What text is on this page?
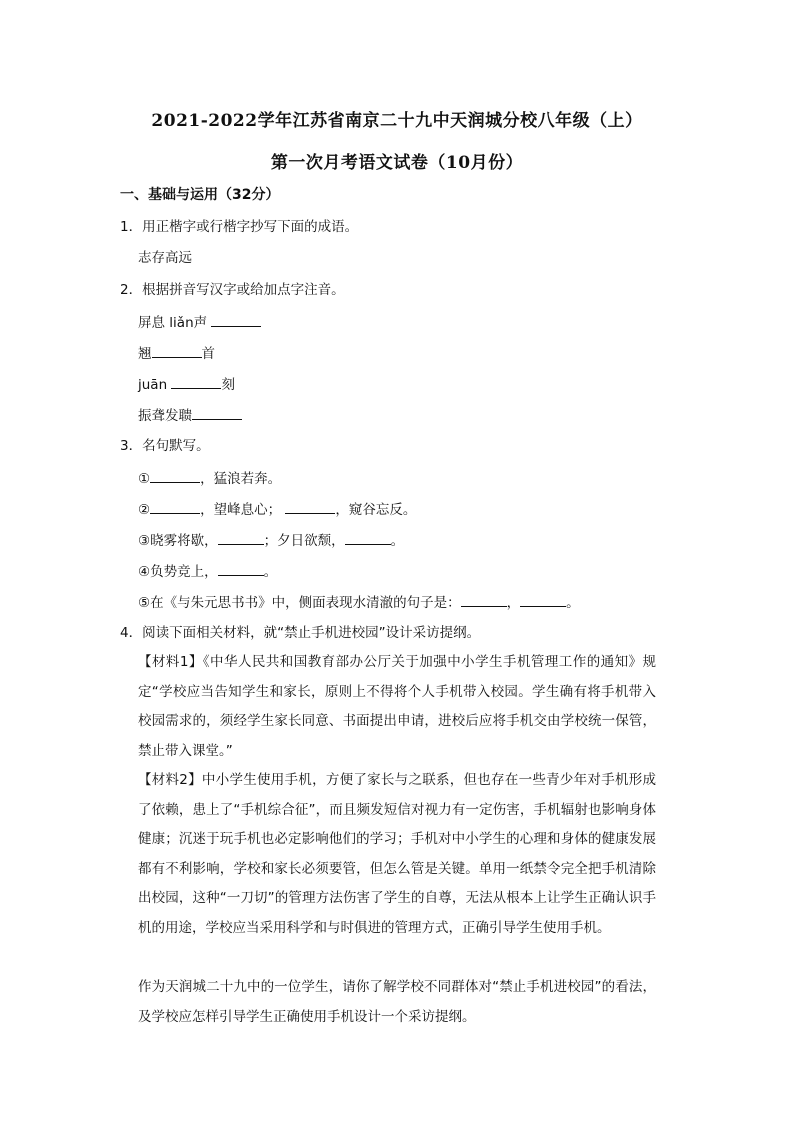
2021-2022学年江苏省南京二十九中天润城分校八年级（上）
第一次月考语文试卷（10月份）
一、基础与运用（32分）
1．用正楷字或行楷字抄写下面的成语。
志存高远
2．根据拼音写汉字或给加点字注音。
屏息 liǎn声
翘	首
juān	刻
振聋发聩
3．名句默写。
①	，猛浪若奔。
②	，望峰息心；	，窥谷忘反。
③晓雾将歇，	；夕日欲颓，	。
④负势竞上，	。
⑤在《与朱元思书书》中，侧面表现水清澈的句子是：	，	。
4．阅读下面相关材料，就“禁止手机进校园”设计采访提纲。
【材料1】《中华人民共和国教育部办公厅关于加强中小学生手机管理工作的通知》规定“学校应当告知学生和家长，原则上不得将个人手机带入校园。学生确有将手机带入校园需求的，须经学生家长同意、书面提出申请，进校后应将手机交由学校统一保管，禁止带入课堂。”
【材料2】中小学生使用手机，方便了家长与之联系，但也存在一些青少年对手机形成了依赖，患上了“手机综合征”，而且频发短信对视力有一定伤害，手机辐射也影响身体健康；沉迷于玩手机也必定影响他们的学习；手机对中小学生的心理和身体的健康发展都有不利影响，学校和家长必须要管，但怎么管是关键。单用一纸禁令完全把手机清除出校园，这种“一刀切”的管理方法伤害了学生的自尊，无法从根本上让学生正确认识手机的用途，学校应当采用科学和与时俱进的管理方式，正确引导学生使用手机。
作为天润城二十九中的一位学生，请你了解学校不同群体对“禁止手机进校园”的看法，及学校应怎样引导学生正确使用手机设计一个采访提纲。
